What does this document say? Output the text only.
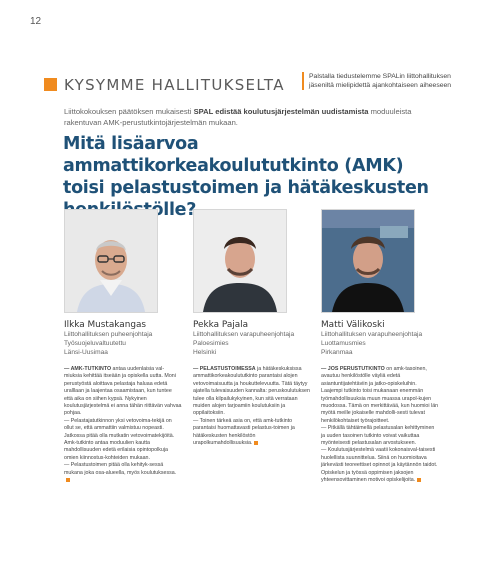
12
KYSYMME HALLITUKSELTA	Palstalla tiedustelemme SPALin liittohallituksen jäseniltä mielipidettä ajankohtaiseen aiheeseen
Liittokokouksen päätöksen mukaisesti SPAL edistää koulutusjärjestelmän uudistamista moduuleista rakentuvan AMK-perustutkintojärjestelmän mukaan.
Mitä lisäarvoa ammattikorkeakoulututkinto (AMK) toisi pelastustoimen ja hätäkeskusten
Ilkka Mustakangas
Liittohallituksen puheenjohtaja
Työsuojeluvaltuutettu
Länsi-Uusimaa
Pekka Pajala
Liittohallituksen varapuheenjohtaja
Paloesimies
Helsinki
Matti Välikoski
Liittohallituksen varapuheenjohtaja
Luottamusmies
Pirkanmaa

— AMK-TUTKINTO antaa uudenlaisia val-miuksia kehittää itseään ja opiskella uutta. Moni perustyöstä aloittava pelastaja haluaa edetä uralllaan ja laajentaa osaamistaan, kun tuntee että aika on siihen kypsä. Nykyinen koulutusjärjestelmä ei anna tähän riittävän vahvaa pohjaa.

— Pelastajatutkinnon yksi vetovoima-tekijä on ollut se, että ammattiin valmistuu nopeasti. Jatkossa pitää olla mutkatin vetovoimatekijöitä. Amk-tutkinto antaa moduulien kautta mahdollisuuden edetä erilaisia opintopolkuja omien kiinnostus-kohteiden mukaan.

— Pelastustoimen pitää olla kehityk-sessä mukana joka osa-alueella, myös koulutuksessa.

— PELASTUSTOIMESSA ja hätäkeskuksissa ammattikorkeakoulututkinto parantaisi alojen vetovoimaisuutta ja houkuttelevuutta. Tätä täytyy ajatella tulevaisuuden kannalta: peruskoulutuksen tulee olla kilpailukykyinen, kun sitä verrataan muiden alojen tarjoamiin koulutuksiin ja oppilaitoksiin.

— Toinen tärkeä asia on, että amk-tutkinto parantaisi huomattavasti pelastus-toimen ja hätäkeskusten henkilöstön urapolkumahdollisuuksia.

— JOS PERUSTUTKINTO on amk-tasoinen, avautuu henkilöstölle väyliä edetä asiantuntijatehtäviin ja jatko-opiskeluihin. Laajempi tutkinto toisi mukanaan enemmän työmahdollisuuksia muun muassa urapol-kujen muodossa. Tämä on merkittävää, kun huomioi län myötä meille jokaiselle mahdolli-sesti tulevat henkilökohtaiset työrajoitteet.

— Pitkällä tähtäimellä pelastusalan kehittyminen ja uuden tasoinen tutkinto voivat vaikuttaa myönteisesti pelastusalan arvostukseen.

— Koulutusjärjestelmä vaatii kokonaisval-taisesti huolellista suunnittelua. Siinä on huomioitava järkevästi teoreettiset opinnot ja käytännön taidot. Opiskelun ja työssä oppimisen jaksojen yhteensovittaminen motivoi opiskelijoita.
